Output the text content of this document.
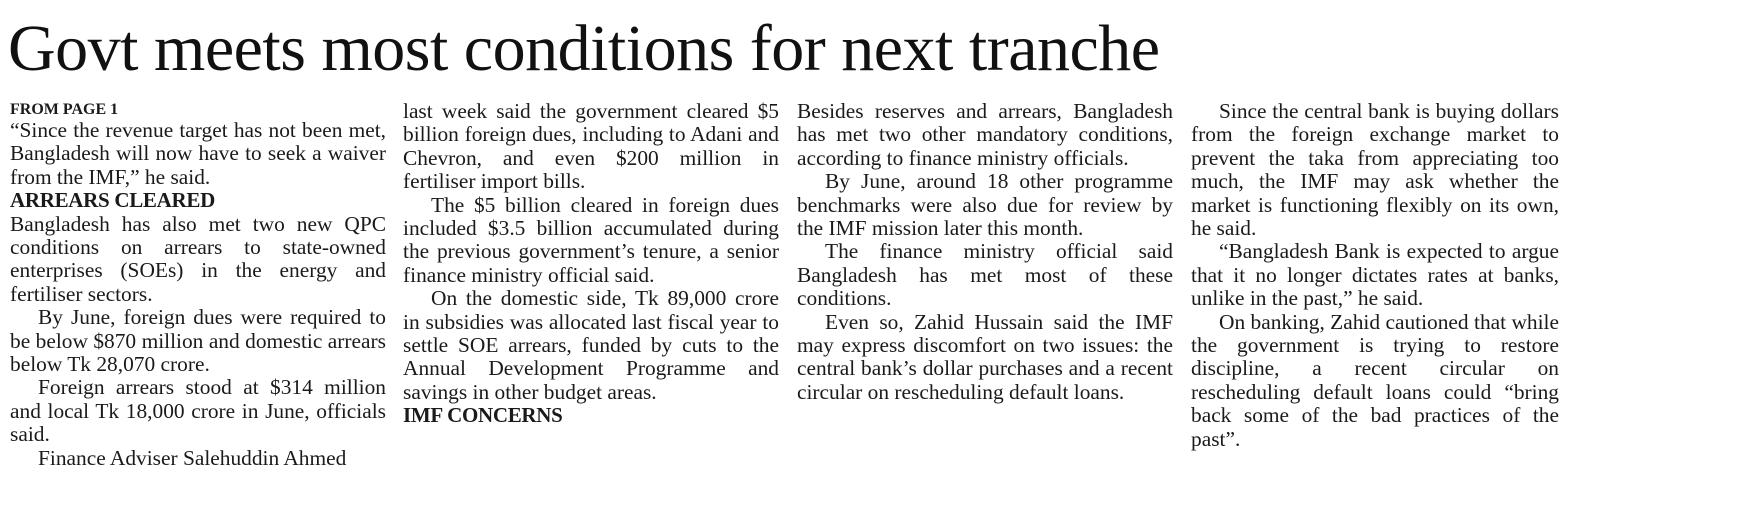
Govt meets most conditions for next tranche

FROM PAGE 1

“Since the revenue target has not been met, Bangladesh will now have to seek a waiver from the IMF,” he said.

ARREARS CLEARED

Bangladesh has also met two new QPC conditions on arrears to state-owned enterprises (SOEs) in the energy and fertiliser sectors.

By June, foreign dues were required to be below $870 million and domestic arrears below Tk 28,070 crore.

Foreign arrears stood at $314 million and local Tk 18,000 crore in June, officials said.

Finance Adviser Salehuddin Ahmed

last week said the government cleared $5 billion foreign dues, including to Adani and Chevron, and even $200 million in fertiliser import bills.

The $5 billion cleared in foreign dues included $3.5 billion accumulated during the previous government’s tenure, a senior finance ministry official said.

On the domestic side, Tk 89,000 crore in subsidies was allocated last fiscal year to settle SOE arrears, funded by cuts to the Annual Development Programme and savings in other budget areas.

IMF CONCERNS

Besides reserves and arrears, Bangladesh has met two other mandatory conditions, according to finance ministry officials.

By June, around 18 other programme benchmarks were also due for review by the IMF mission later this month.

The finance ministry official said Bangladesh has met most of these conditions.

Even so, Zahid Hussain said the IMF may express discomfort on two issues: the central bank’s dollar purchases and a recent circular on rescheduling default loans.

Since the central bank is buying dollars from the foreign exchange market to prevent the taka from appreciating too much, the IMF may ask whether the market is functioning flexibly on its own, he said.

“Bangladesh Bank is expected to argue that it no longer dictates rates at banks, unlike in the past,” he said.

On banking, Zahid cautioned that while the government is trying to restore discipline, a recent circular on rescheduling default loans could “bring back some of the bad practices of the past”.
